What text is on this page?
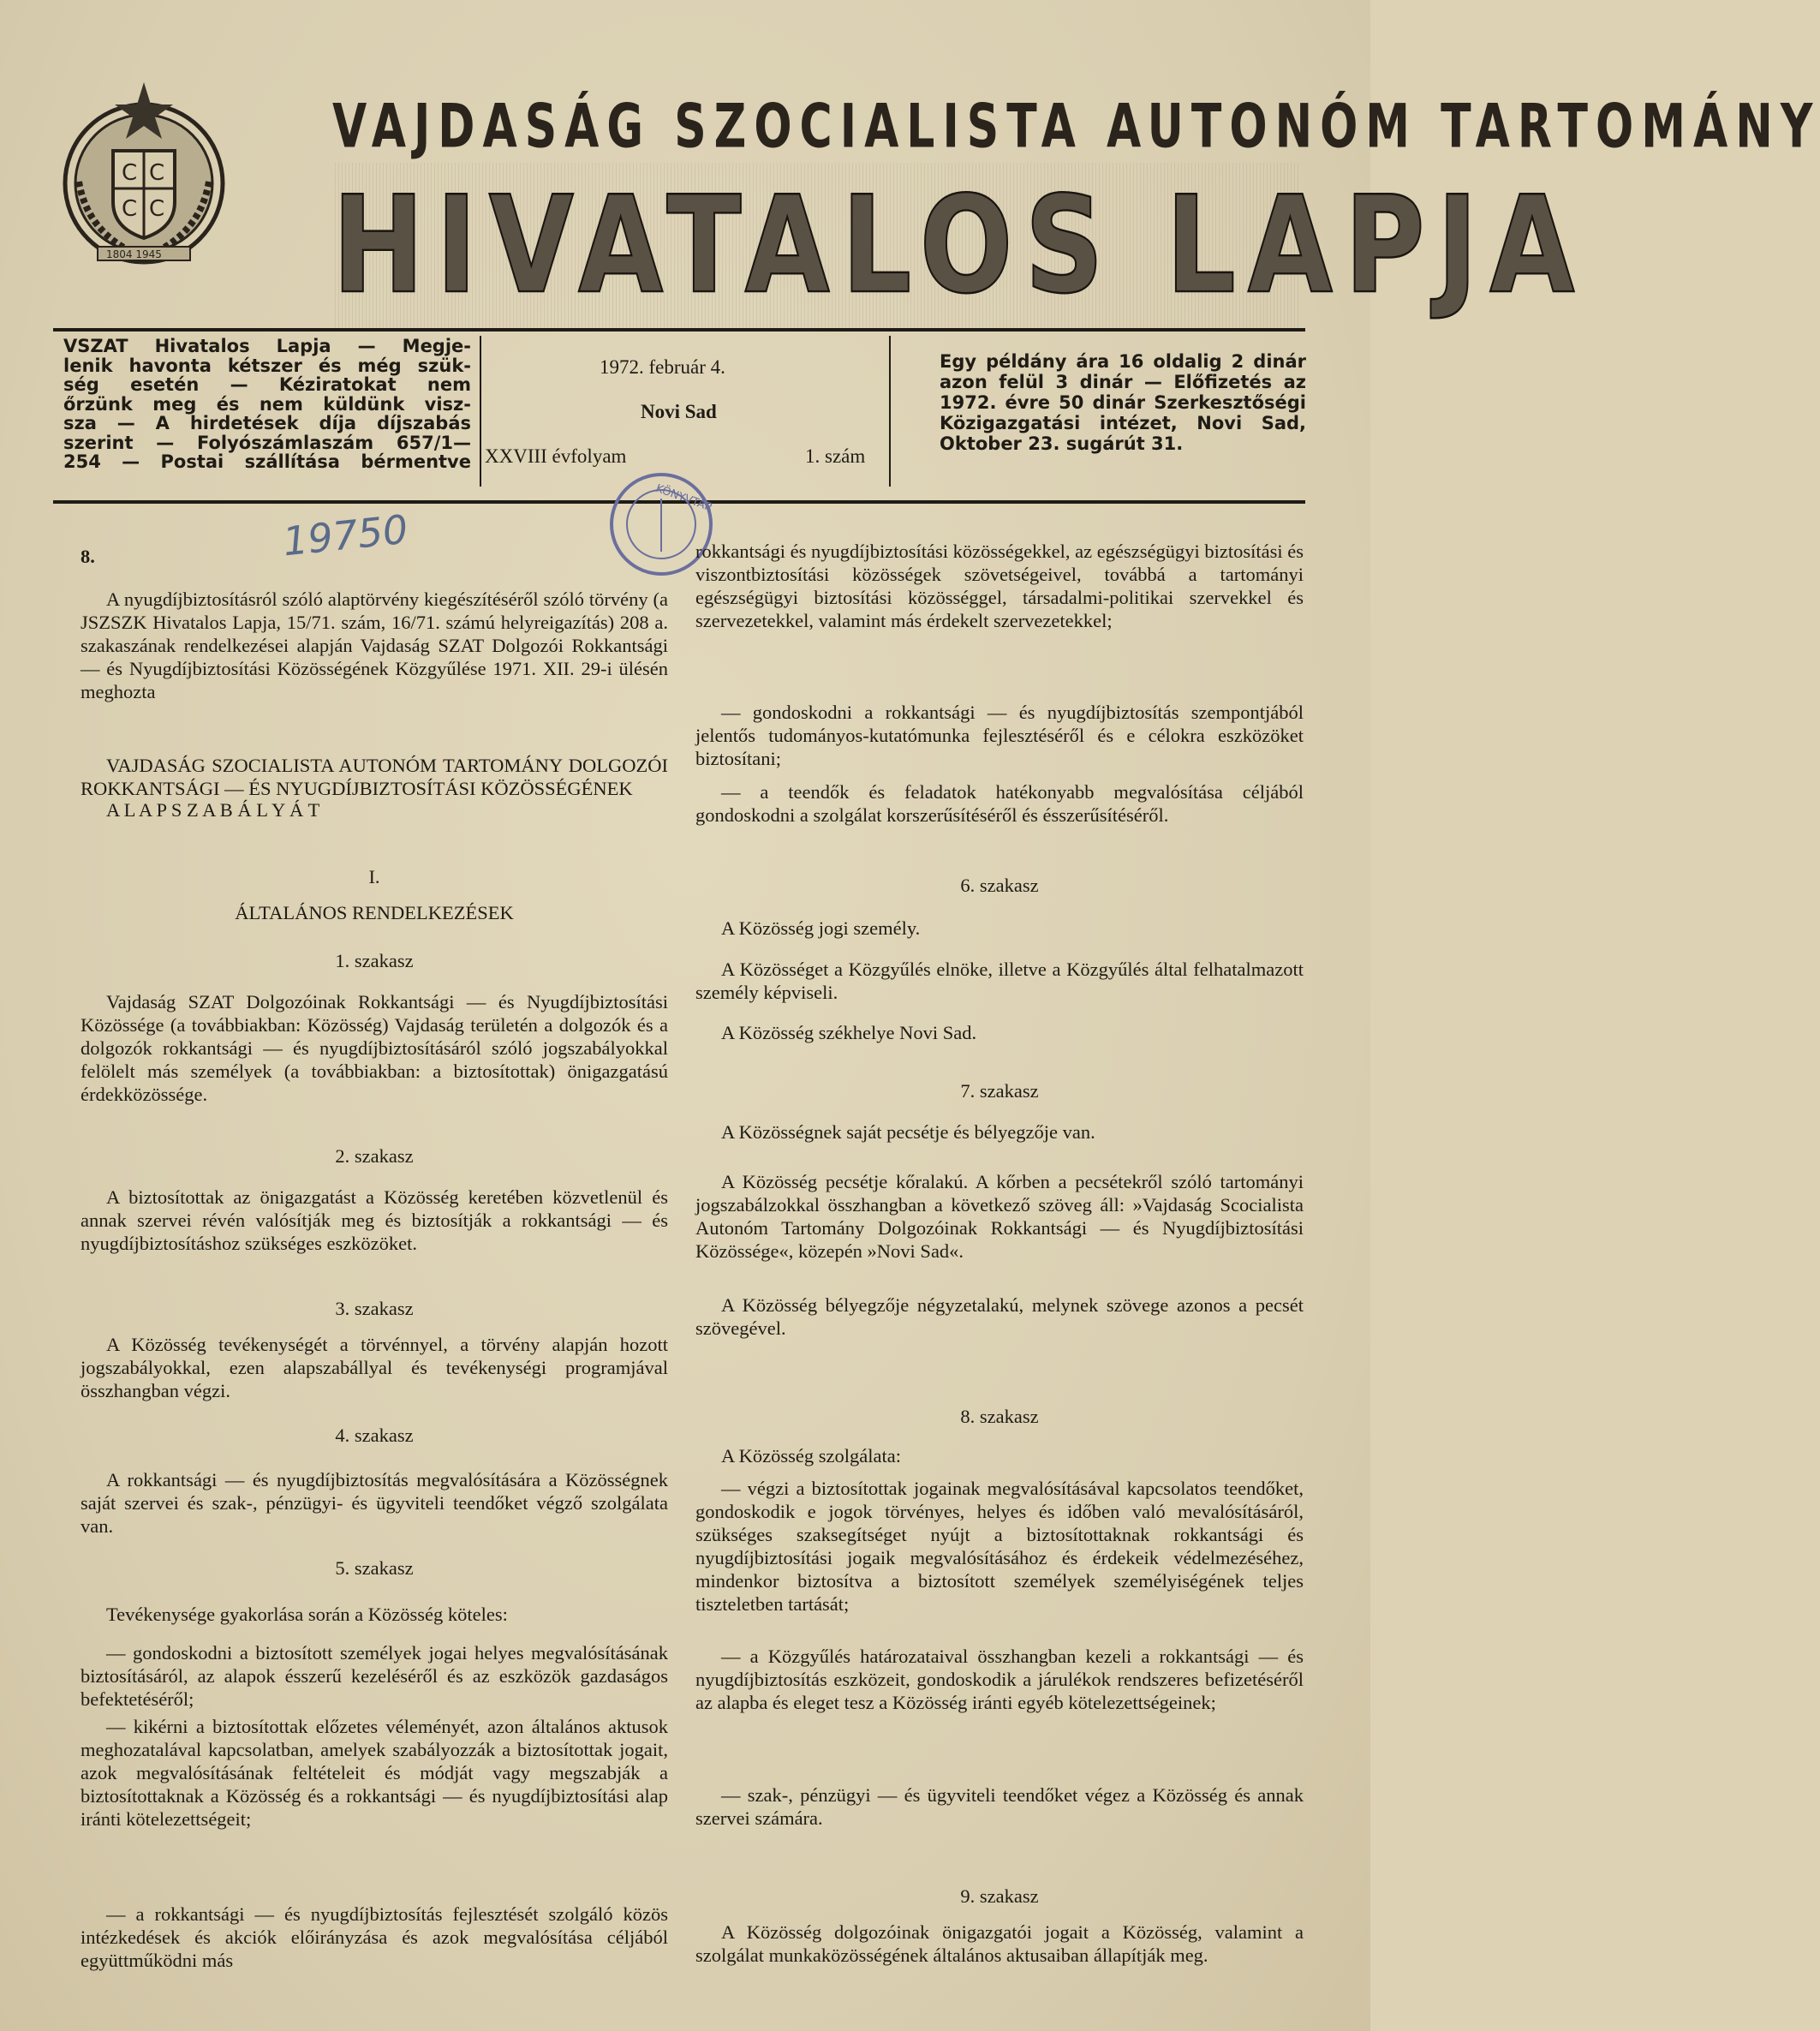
C C
C C
1804 1945
VAJDASÁG SZOCIALISTA AUTONÓM TARTOMÁNY
HIVATALOS LAPJA
VSZAT Hivatalos Lapja — Megje-
lenik havonta kétszer és még szük-
ség esetén — Kéziratokat nem
őrzünk meg és nem küldünk visz-
sza — A hirdetések díja díjszabás
szerint — Folyószámlaszám 657/1—
254 — Postai szállítása bérmentve
1972. február 4.
Novi Sad
XXVIII évfolyam	1. szám
Egy példány ára 16 oldalig 2 dinár
azon felül 3 dinár — Előfizetés az
1972. évre 50 dinár Szerkesztőségi
Közigazgatási intézet, Novi Sad,
Oktober 23. sugárút 31.
KÖNYVTÁR
19750

8.

A nyugdíjbiztosításról szóló alaptörvény kiegészítéséről szóló törvény (a JSZSZK Hivatalos Lapja, 15/71. szám, 16/71. számú helyreigazítás) 208 a. szakaszának rendelkezései alapján Vajdaság SZAT Dolgozói Rokkantsági — és Nyugdíjbiztosítási Közösségének Közgyűlése 1971. XII. 29-i ülésén meghozta

VAJDASÁG SZOCIALISTA AUTONÓM TARTOMÁNY DOLGOZÓI ROKKANTSÁGI — ÉS NYUGDÍJBIZTOSÍTÁSI KÖZÖSSÉGÉNEK

A L A P S Z A B Á L Y Á T

I.

ÁLTALÁNOS RENDELKEZÉSEK

1. szakasz

Vajdaság SZAT Dolgozóinak Rokkantsági — és Nyugdíjbiztosítási Közössége (a továbbiakban: Közösség) Vajdaság területén a dolgozók és a dolgozók rokkantsági — és nyugdíjbiztosításáról szóló jogszabályokkal felölelt más személyek (a továbbiakban: a biztosítottak) önigazgatású érdekközössége.

2. szakasz

A biztosítottak az önigazgatást a Közösség keretében közvetlenül és annak szervei révén valósítják meg és biztosítják a rokkantsági — és nyugdíjbiztosításhoz szükséges eszközöket.

3. szakasz

A Közösség tevékenységét a törvénnyel, a törvény alapján hozott jogszabályokkal, ezen alapszabállyal és tevékenységi programjával összhangban végzi.

4. szakasz

A rokkantsági — és nyugdíjbiztosítás megvalósítására a Közösségnek saját szervei és szak-, pénzügyi- és ügyviteli teendőket végző szolgálata van.

5. szakasz

Tevékenysége gyakorlása során a Közösség köteles:

— gondoskodni a biztosított személyek jogai helyes megvalósításának biztosításáról, az alapok ésszerű kezeléséről és az eszközök gazdaságos befektetéséről;

— kikérni a biztosítottak előzetes véleményét, azon általános aktusok meghozatalával kapcsolatban, amelyek szabályozzák a biztosítottak jogait, azok megvalósításának feltételeit és módját vagy megszabják a biztosítottaknak a Közösség és a rokkantsági — és nyugdíjbiztosítási alap iránti kötelezettségeit;

— a rokkantsági — és nyugdíjbiztosítás fejlesztését szolgáló közös intézkedések és akciók előirányzása és azok megvalósítása céljából együttműködni más

rokkantsági és nyugdíjbiztosítási közösségekkel, az egészségügyi biztosítási és viszontbiztosítási közösségek szövetségeivel, továbbá a tartományi egészségügyi biztosítási közösséggel, társadalmi-politikai szervekkel és szervezetekkel, valamint más érdekelt szervezetekkel;

— gondoskodni a rokkantsági — és nyugdíjbiztosítás szempontjából jelentős tudományos-kutatómunka fejlesztéséről és e célokra eszközöket biztosítani;

— a teendők és feladatok hatékonyabb megvalósítása céljából gondoskodni a szolgálat korszerűsítéséről és ésszerűsítéséről.

6. szakasz

A Közösség jogi személy.

A Közösséget a Közgyűlés elnöke, illetve a Közgyűlés által felhatalmazott személy képviseli.

A Közösség székhelye Novi Sad.

7. szakasz

A Közösségnek saját pecsétje és bélyegzője van.

A Közösség pecsétje kőralakú. A kőrben a pecsétekről szóló tartományi jogszabálzokkal összhangban a következő szöveg áll: »Vajdaság Scocialista Autonóm Tartomány Dolgozóinak Rokkantsági — és Nyugdíjbiztosítási Közössége«, közepén »Novi Sad«.

A Közösség bélyegzője négyzetalakú, melynek szövege azonos a pecsét szövegével.

8. szakasz

A Közösség szolgálata:

— végzi a biztosítottak jogainak megvalósításával kapcsolatos teendőket, gondoskodik e jogok törvényes, helyes és időben való mevalósításáról, szükséges szaksegítséget nyújt a biztosítottaknak rokkantsági és nyugdíjbiztosítási jogaik megvalósításához és érdekeik védelmezéséhez, mindenkor biztosítva a biztosított személyek személyiségének teljes tiszteletben tartását;

— a Közgyűlés határozataival összhangban kezeli a rokkantsági — és nyugdíjbiztosítás eszközeit, gondoskodik a járulékok rendszeres befizetéséről az alapba és eleget tesz a Közösség iránti egyéb kötelezettségeinek;

— szak-, pénzügyi — és ügyviteli teendőket végez a Közösség és annak szervei számára.

9. szakasz

A Közösség dolgozóinak önigazgatói jogait a Közösség, valamint a szolgálat munkaközösségének általános aktusaiban állapítják meg.
